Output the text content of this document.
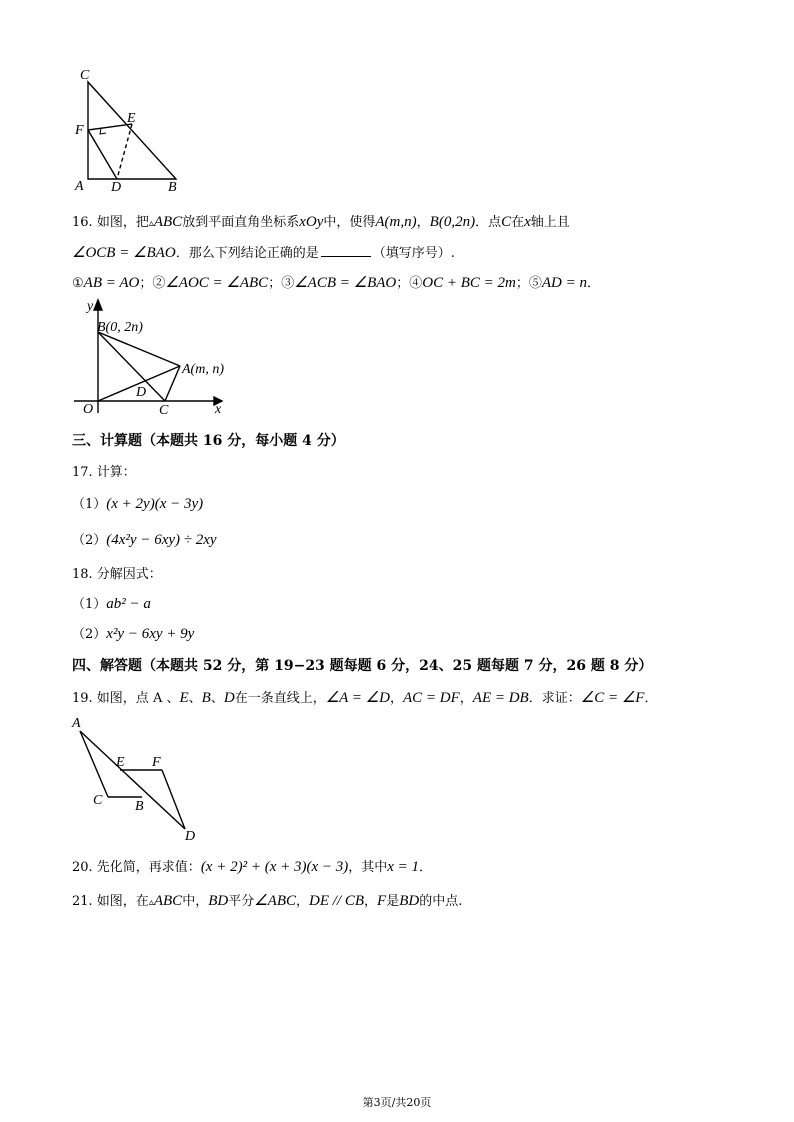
C
E
F
A D	B
16. 如图，把▵ABC放到平面直角坐标系xOy中，使得A(m,n)，B(0,2n)．点C在x轴上且
∠OCB = ∠BAO．那么下列结论正确的是	（填写序号）.
①AB = AO；②∠AOC = ∠ABC；③∠ACB = ∠BAO；④OC + BC = 2m；⑤AD = n．
y
B(0, 2n)
A(m, n)
D
O	C	x
三、计算题（本题共 16 分，每小题 4 分）
17. 计算：
（1）(x + 2y)(x − 3y)
（2）(4x²y − 6xy) ÷ 2xy
18. 分解因式：
（1）ab² − a
（2）x²y − 6xy + 9y
四、解答题（本题共 52 分，第 19−23 题每题 6 分，24、25 题每题 7 分，26 题 8 分）
19. 如图，点 A 、E、B、D在一条直线上，∠A = ∠D，AC = DF，AE = DB．求证：∠C = ∠F．
A
E F
C B
D
20. 先化简，再求值：(x + 2)² + (x + 3)(x − 3)，其中x = 1．
21. 如图，在▵ABC中，BD平分∠ABC，DE // CB，F是BD的中点.
第3页/共20页
